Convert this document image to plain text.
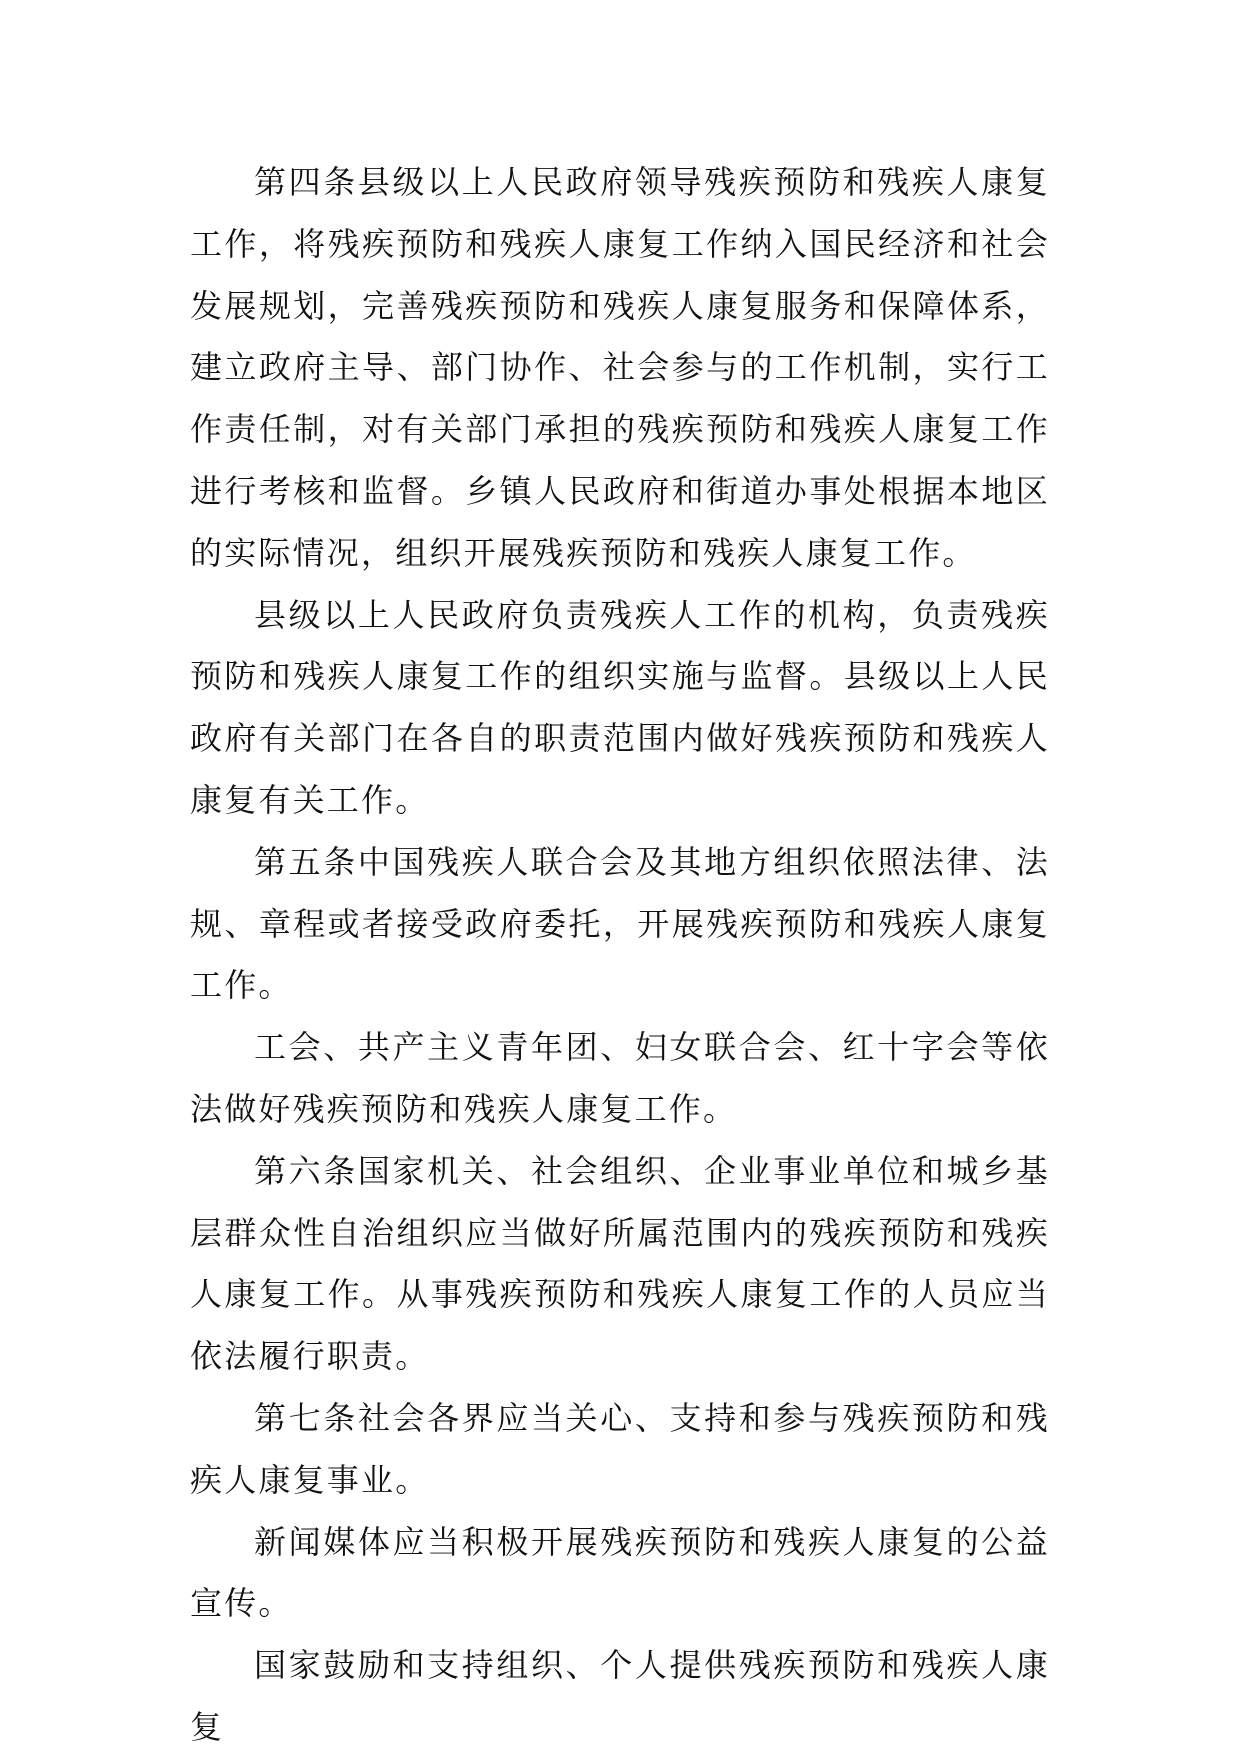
第四条县级以上人民政府领导残疾预防和残疾人康复工作，将残疾预防和残疾人康复工作纳入国民经济和社会发展规划，完善残疾预防和残疾人康复服务和保障体系，建立政府主导、部门协作、社会参与的工作机制，实行工作责任制，对有关部门承担的残疾预防和残疾人康复工作进行考核和监督。乡镇人民政府和街道办事处根据本地区的实际情况，组织开展残疾预防和残疾人康复工作。

县级以上人民政府负责残疾人工作的机构，负责残疾预防和残疾人康复工作的组织实施与监督。县级以上人民政府有关部门在各自的职责范围内做好残疾预防和残疾人康复有关工作。

第五条中国残疾人联合会及其地方组织依照法律、法规、章程或者接受政府委托，开展残疾预防和残疾人康复工作。

工会、共产主义青年团、妇女联合会、红十字会等依法做好残疾预防和残疾人康复工作。

第六条国家机关、社会组织、企业事业单位和城乡基层群众性自治组织应当做好所属范围内的残疾预防和残疾人康复工作。从事残疾预防和残疾人康复工作的人员应当依法履行职责。

第七条社会各界应当关心、支持和参与残疾预防和残疾人康复事业。

新闻媒体应当积极开展残疾预防和残疾人康复的公益宣传。

国家鼓励和支持组织、个人提供残疾预防和残疾人康复
